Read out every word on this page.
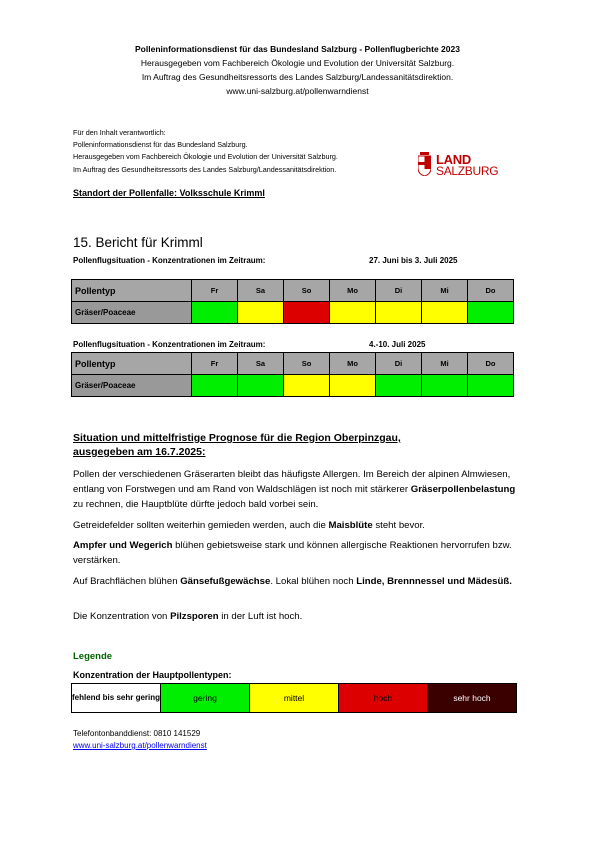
Polleninformationsdienst für das Bundesland Salzburg - Pollenflugberichte 2023
Herausgegeben vom Fachbereich Ökologie und Evolution der Universität Salzburg.
Im Auftrag des Gesundheitsressorts des Landes Salzburg/Landessanitätsdirektion.
www.uni-salzburg.at/pollenwarndienst
Für den Inhalt verantwortlich:
Polleninformationsdienst für das Bundesland Salzburg.
Herausgegeben vom Fachbereich Ökologie und Evolution der Universität Salzburg.
Im Auftrag des Gesundheitsressorts des Landes Salzburg/Landessanitätsdirektion.
LAND
SALZBURG
Standort der Pollenfalle: Volksschule Krimml
15. Bericht für Krimml
Pollenflugsituation - Konzentrationen im Zeitraum:	27. Juni bis 3. Juli 2025
Pollentyp	Fr	Sa	So	Mo	Di	Mi	Do
Gräser/Poaceae							
Pollenflugsituation - Konzentrationen im Zeitraum:	4.-10. Juli 2025
Pollentyp	Fr	Sa	So	Mo	Di	Mi	Do
Gräser/Poaceae							
Situation und mittelfristige Prognose für die Region Oberpinzgau,
ausgegeben am 16.7.2025:
Pollen der verschiedenen Gräserarten bleibt das häufigste Allergen. Im Bereich der alpinen Almwiesen, entlang von Forstwegen und am Rand von Waldschlägen ist noch mit stärkerer Gräserpollenbelastung zu rechnen, die Hauptblüte dürfte jedoch bald vorbei sein.
Getreidefelder sollten weiterhin gemieden werden, auch die Maisblüte steht bevor.
Ampfer und Wegerich blühen gebietsweise stark und können allergische Reaktionen hervorrufen bzw. verstärken.
Auf Brachflächen blühen Gänsefußgewächse. Lokal blühen noch Linde, Brennnessel und Mädesüß.
Die Konzentration von Pilzsporen in der Luft ist hoch.
Legende
Konzentration der Hauptpollentypen:
fehlend bis sehr gering	gering	mittel	hoch	sehr hoch
Telefontonbanddienst: 0810 141529
www.uni-salzburg.at/pollenwarndienst
